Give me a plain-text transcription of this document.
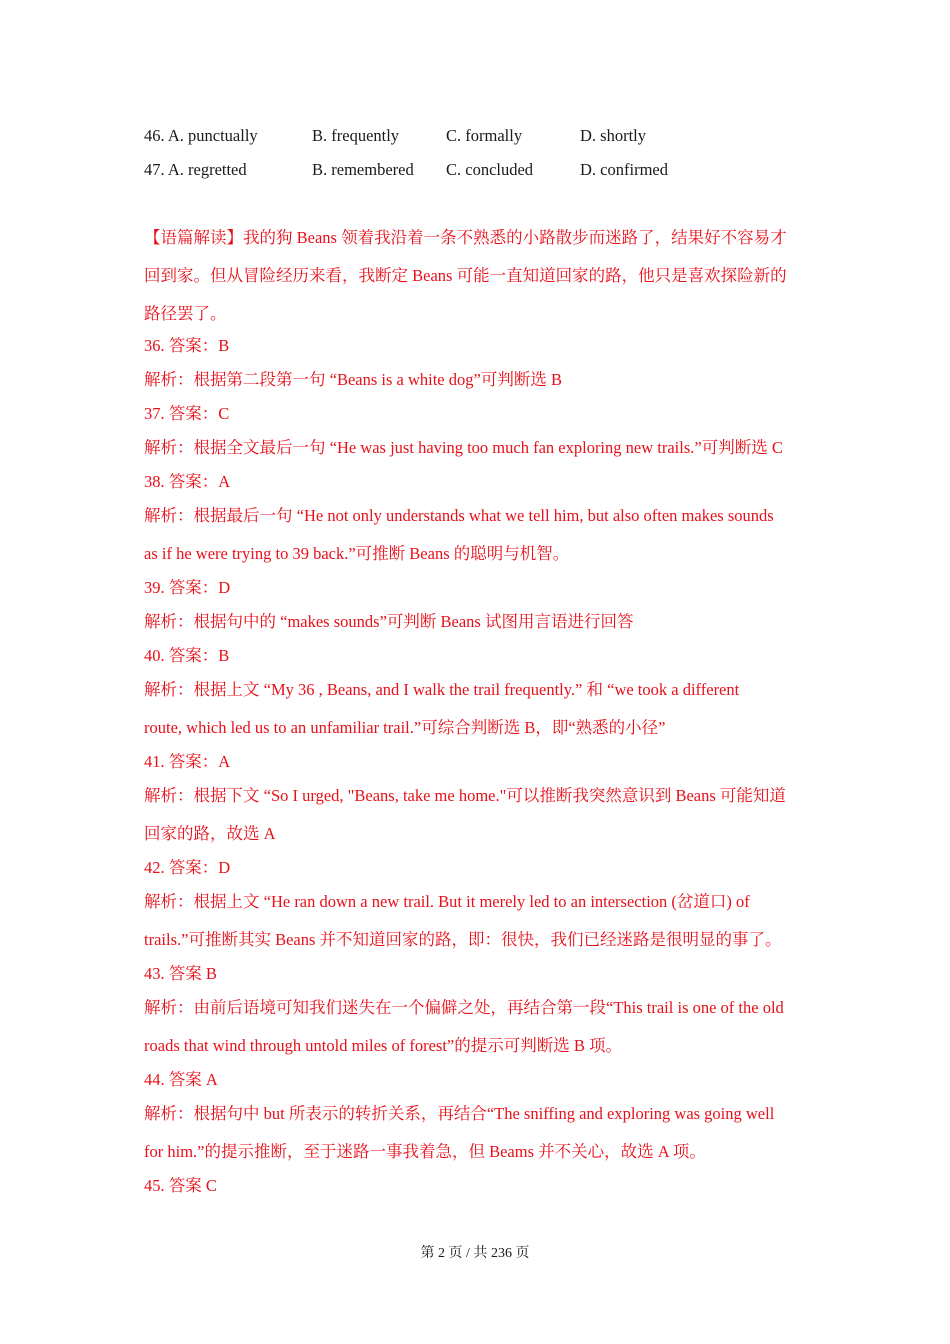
46. A. punctually	B. frequently	C. formally	D. shortly
47. A. regretted	B. remembered C. concluded	D. confirmed
【语篇解读】我的狗 Beans 领着我沿着一条不熟悉的小路散步而迷路了，结果好不容易才
回到家。但从冒险经历来看，我断定 Beans 可能一直知道回家的路，他只是喜欢探险新的
路径罢了。
36. 答案：B
解析：根据第二段第一句 “Beans is a white dog”可判断选 B
37. 答案：C
解析：根据全文最后一句 “He was just having too much fan exploring new trails.”可判断选 C
38. 答案：A
解析：根据最后一句 “He not only understands what we tell him, but also often makes sounds
as if he were trying to 39 back.”可推断 Beans 的聪明与机智。
39. 答案：D
解析：根据句中的 “makes sounds”可判断 Beans 试图用言语进行回答
40. 答案：B
解析：根据上文 “My 36 , Beans, and I walk the trail frequently.” 和 “we took a different
route, which led us to an unfamiliar trail.”可综合判断选 B，即“熟悉的小径”
41. 答案：A
解析：根据下文 “So I urged, "Beans, take me home."可以推断我突然意识到 Beans 可能知道
回家的路，故选 A
42. 答案：D
解析：根据上文 “He ran down a new trail. But it merely led to an intersection (岔道口) of
trails.”可推断其实 Beans 并不知道回家的路，即：很快，我们已经迷路是很明显的事了。
43. 答案 B
解析：由前后语境可知我们迷失在一个偏僻之处，再结合第一段“This trail is one of the old
roads that wind through untold miles of forest”的提示可判断选 B 项。
44. 答案 A
解析：根据句中 but 所表示的转折关系，再结合“The sniffing and exploring was going well
for him.”的提示推断，至于迷路一事我着急，但 Beams 并不关心，故选 A 项。
45. 答案 C
第 2 页 / 共 236 页
